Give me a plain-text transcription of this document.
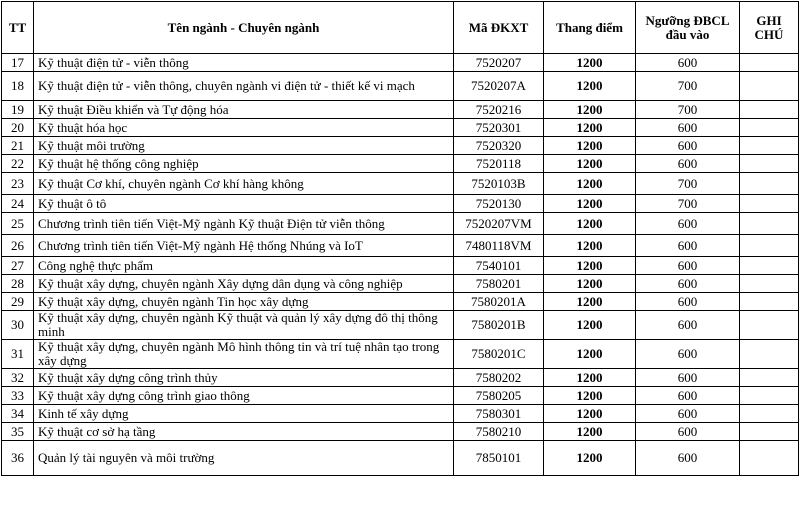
TT	Tên ngành - Chuyên ngành	Mã ĐKXT	Thang điểm	Ngưỡng ĐBCL đầu vào	GHI CHÚ
17	Kỹ thuật điện tử - viễn thông	7520207	1200	600	
18	Kỹ thuật điện tử - viễn thông, chuyên ngành vi điện tử - thiết kế vi mạch	7520207A	1200	700	
19	Kỹ thuật Điều khiển và Tự động hóa	7520216	1200	700	
20	Kỹ thuật hóa học	7520301	1200	600	
21	Kỹ thuật môi trường	7520320	1200	600	
22	Kỹ thuật hệ thống công nghiệp	7520118	1200	600	
23	Kỹ thuật Cơ khí, chuyên ngành Cơ khí hàng không	7520103B	1200	700	
24	Kỹ thuật ô tô	7520130	1200	700	
25	Chương trình tiên tiến Việt-Mỹ ngành Kỹ thuật Điện tử viễn thông	7520207VM	1200	600	
26	Chương trình tiên tiến Việt-Mỹ ngành Hệ thống Nhúng và IoT	7480118VM	1200	600	
27	Công nghệ thực phẩm	7540101	1200	600	
28	Kỹ thuật xây dựng, chuyên ngành Xây dựng dân dụng và công nghiệp	7580201	1200	600	
29	Kỹ thuật xây dựng, chuyên ngành Tin học xây dựng	7580201A	1200	600	
30	Kỹ thuật xây dựng, chuyên ngành Kỹ thuật và quản lý xây dựng đô thị thông minh	7580201B	1200	600	
31	Kỹ thuật xây dựng, chuyên ngành Mô hình thông tin và trí tuệ nhân tạo trong xây dựng	7580201C	1200	600	
32	Kỹ thuật xây dựng công trình thủy	7580202	1200	600	
33	Kỹ thuật xây dựng công trình giao thông	7580205	1200	600	
34	Kinh tế xây dựng	7580301	1200	600	
35	Kỹ thuật cơ sở hạ tầng	7580210	1200	600	
36	Quản lý tài nguyên và môi trường	7850101	1200	600	
